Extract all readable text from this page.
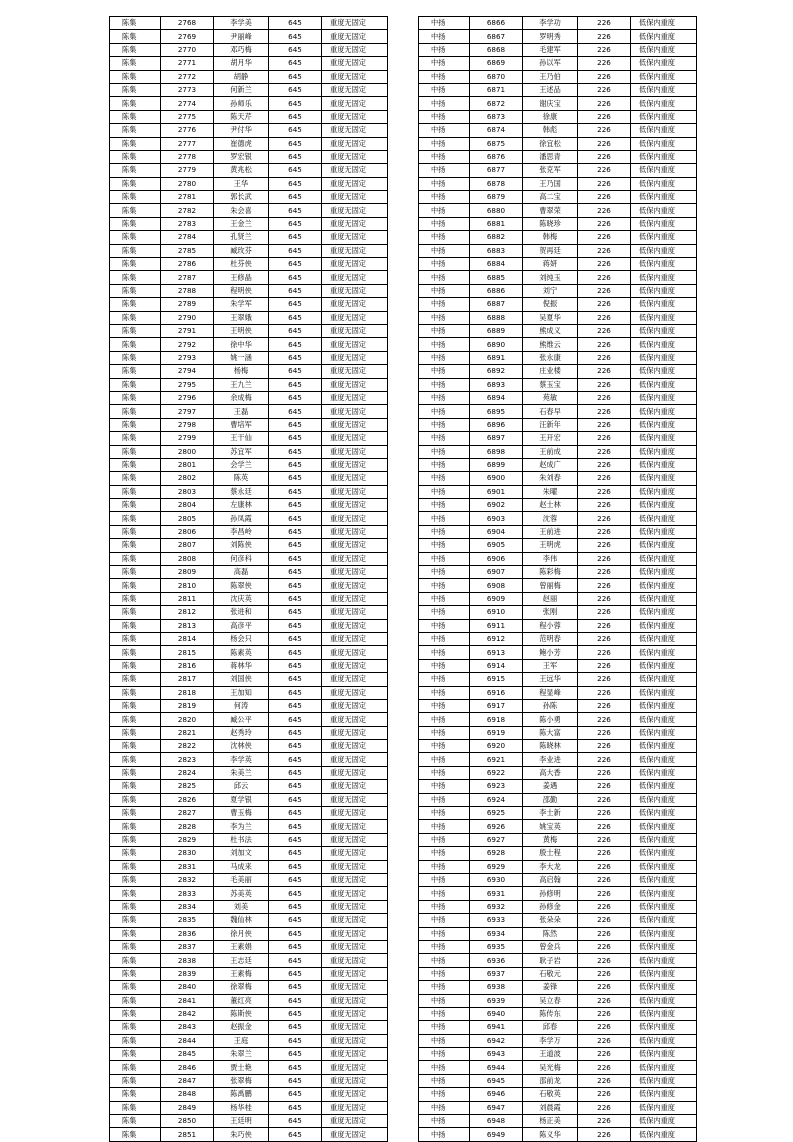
陈集	2768	李学美	645	重度无固定
陈集	2769	尹丽峰	645	重度无固定
陈集	2770	邓巧梅	645	重度无固定
陈集	2771	胡月华	645	重度无固定
陈集	2772	胡静	645	重度无固定
陈集	2773	何新兰	645	重度无固定
陈集	2774	孙师乐	645	重度无固定
陈集	2775	陈天芹	645	重度无固定
陈集	2776	尹付华	645	重度无固定
陈集	2777	崔德虎	645	重度无固定
陈集	2778	罗宏银	645	重度无固定
陈集	2779	黄兆松	645	重度无固定
陈集	2780	王华	645	重度无固定
陈集	2781	郭长武	645	重度无固定
陈集	2782	朱会喜	645	重度无固定
陈集	2783	王金兰	645	重度无固定
陈集	2784	孔贤兰	645	重度无固定
陈集	2785	臧玫芬	645	重度无固定
陈集	2786	杜芬侠	645	重度无固定
陈集	2787	王修晶	645	重度无固定
陈集	2788	程明侠	645	重度无固定
陈集	2789	朱学军	645	重度无固定
陈集	2790	王翠娥	645	重度无固定
陈集	2791	王明侠	645	重度无固定
陈集	2792	徐中华	645	重度无固定
陈集	2793	姚一涵	645	重度无固定
陈集	2794	杨梅	645	重度无固定
陈集	2795	王九兰	645	重度无固定
陈集	2796	余成梅	645	重度无固定
陈集	2797	王磊	645	重度无固定
陈集	2798	曹培军	645	重度无固定
陈集	2799	王干仙	645	重度无固定
陈集	2800	苏宜军	645	重度无固定
陈集	2801	会学兰	645	重度无固定
陈集	2802	陈英	645	重度无固定
陈集	2803	蔡永廷	645	重度无固定
陈集	2804	左康林	645	重度无固定
陈集	2805	孙凤霞	645	重度无固定
陈集	2806	李昌岭	645	重度无固定
陈集	2807	刘陈侠	645	重度无固定
陈集	2808	何彦科	645	重度无固定
陈集	2809	高磊	645	重度无固定
陈集	2810	陈翠侠	645	重度无固定
陈集	2811	沈庆英	645	重度无固定
陈集	2812	张进和	645	重度无固定
陈集	2813	高彦平	645	重度无固定
陈集	2814	杨会只	645	重度无固定
陈集	2815	陈素英	645	重度无固定
陈集	2816	蒋林华	645	重度无固定
陈集	2817	刘国侠	645	重度无固定
陈集	2818	王加知	645	重度无固定
陈集	2819	何涛	645	重度无固定
陈集	2820	臧公平	645	重度无固定
陈集	2821	赵秀玲	645	重度无固定
陈集	2822	沈林侠	645	重度无固定
陈集	2823	李学英	645	重度无固定
陈集	2824	朱美兰	645	重度无固定
陈集	2825	邱云	645	重度无固定
陈集	2826	夏学银	645	重度无固定
陈集	2827	曹玉梅	645	重度无固定
陈集	2828	李为兰	645	重度无固定
陈集	2829	杜书法	645	重度无固定
陈集	2830	刘加文	645	重度无固定
陈集	2831	马成来	645	重度无固定
陈集	2832	毛美丽	645	重度无固定
陈集	2833	苏美英	645	重度无固定
陈集	2834	刘美	645	重度无固定
陈集	2835	魏仙林	645	重度无固定
陈集	2836	徐月侠	645	重度无固定
陈集	2837	王素娟	645	重度无固定
陈集	2838	王志廷	645	重度无固定
陈集	2839	王素梅	645	重度无固定
陈集	2840	徐翠梅	645	重度无固定
陈集	2841	董红亮	645	重度无固定
陈集	2842	陈斯侠	645	重度无固定
陈集	2843	赵振金	645	重度无固定
陈集	2844	王庭	645	重度无固定
陈集	2845	朱翠兰	645	重度无固定
陈集	2846	贾士艳	645	重度无固定
陈集	2847	张翠梅	645	重度无固定
陈集	2848	陈禹鹏	645	重度无固定
陈集	2849	杨华桂	645	重度无固定
陈集	2850	王廷明	645	重度无固定
陈集	2851	朱巧侠	645	重度无固定
中扬	6866	李学功	226	低保内重度
中扬	6867	罗明秀	226	低保内重度
中扬	6868	毛建军	226	低保内重度
中扬	6869	孙以军	226	低保内重度
中扬	6870	王乃伯	226	低保内重度
中扬	6871	王述品	226	低保内重度
中扬	6872	谢庆宝	226	低保内重度
中扬	6873	徐康	226	低保内重度
中扬	6874	韩彪	226	低保内重度
中扬	6875	徐宜松	226	低保内重度
中扬	6876	潘思青	226	低保内重度
中扬	6877	张克军	226	低保内重度
中扬	6878	王乃国	226	低保内重度
中扬	6879	高二宝	226	低保内重度
中扬	6880	曹翠荣	226	低保内重度
中扬	6881	陈晓珍	226	低保内重度
中扬	6882	韩梅	226	低保内重度
中扬	6883	贺再廷	226	低保内重度
中扬	6884	蒋妍	226	低保内重度
中扬	6885	刘纯玉	226	低保内重度
中扬	6886	刘宁	226	低保内重度
中扬	6887	倪振	226	低保内重度
中扬	6888	吴夏华	226	低保内重度
中扬	6889	熊成义	226	低保内重度
中扬	6890	熊维云	226	低保内重度
中扬	6891	张永康	226	低保内重度
中扬	6892	庄业楼	226	低保内重度
中扬	6893	蔡玉宝	226	低保内重度
中扬	6894	苑敏	226	低保内重度
中扬	6895	石春早	226	低保内重度
中扬	6896	汪新年	226	低保内重度
中扬	6897	王开宏	226	低保内重度
中扬	6898	王前成	226	低保内重度
中扬	6899	赵成广	226	低保内重度
中扬	6900	朱刘春	226	低保内重度
中扬	6901	朱曜	226	低保内重度
中扬	6902	赵士林	226	低保内重度
中扬	6903	沈蓉	226	低保内重度
中扬	6904	王前进	226	低保内重度
中扬	6905	王明虎	226	低保内重度
中扬	6906	李伟	226	低保内重度
中扬	6907	陈彩梅	226	低保内重度
中扬	6908	曾丽梅	226	低保内重度
中扬	6909	赵丽	226	低保内重度
中扬	6910	张刚	226	低保内重度
中扬	6911	程小蓉	226	低保内重度
中扬	6912	范明春	226	低保内重度
中扬	6913	鲍小芳	226	低保内重度
中扬	6914	王军	226	低保内重度
中扬	6915	王远华	226	低保内重度
中扬	6916	程显峰	226	低保内重度
中扬	6917	孙陈	226	低保内重度
中扬	6918	陈小勇	226	低保内重度
中扬	6919	陈大富	226	低保内重度
中扬	6920	陈晓林	226	低保内重度
中扬	6921	李业进	226	低保内重度
中扬	6922	高大香	226	低保内重度
中扬	6923	姜遇	226	低保内重度
中扬	6924	邵勤	226	低保内重度
中扬	6925	李士新	226	低保内重度
中扬	6926	姚宝英	226	低保内重度
中扬	6927	黄梅	226	低保内重度
中扬	6928	殷士程	226	低保内重度
中扬	6929	李大龙	226	低保内重度
中扬	6930	高启翰	226	低保内重度
中扬	6931	孙修明	226	低保内重度
中扬	6932	孙修金	226	低保内重度
中扬	6933	张朵朵	226	低保内重度
中扬	6934	陈然	226	低保内重度
中扬	6935	曾金兵	226	低保内重度
中扬	6936	耿子岩	226	低保内重度
中扬	6937	石敬元	226	低保内重度
中扬	6938	姜锋	226	低保内重度
中扬	6939	吴立春	226	低保内重度
中扬	6940	陈传东	226	低保内重度
中扬	6941	邱春	226	低保内重度
中扬	6942	李学万	226	低保内重度
中扬	6943	王道波	226	低保内重度
中扬	6944	吴光梅	226	低保内重度
中扬	6945	邵前龙	226	低保内重度
中扬	6946	石敬英	226	低保内重度
中扬	6947	刘晨霞	226	低保内重度
中扬	6948	杨正美	226	低保内重度
中扬	6949	陈义华	226	低保内重度
